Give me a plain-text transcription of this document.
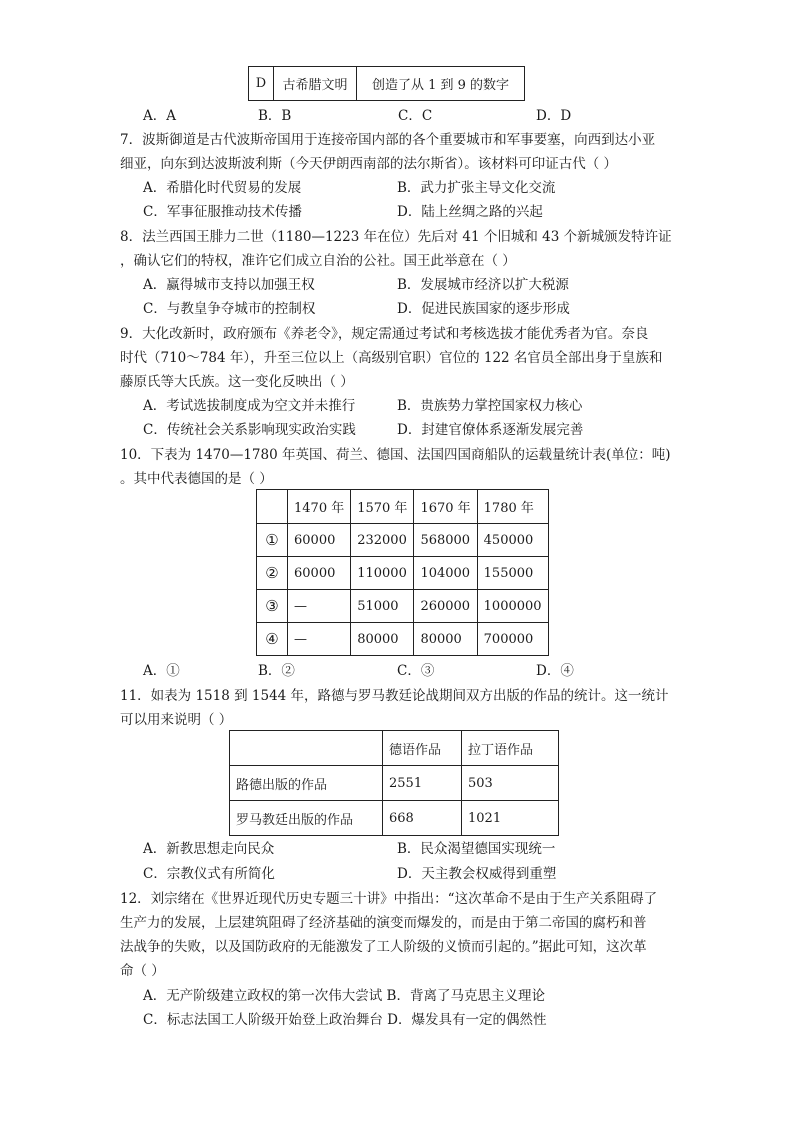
D	古希腊文明	创造了从 1 到 9 的数字
A．A	B．B	C．C	D．D
7．波斯御道是古代波斯帝国用于连接帝国内部的各个重要城市和军事要塞，向西到达小亚
细亚，向东到达波斯波利斯（今天伊朗西南部的法尔斯省）。该材料可印证古代（ ）
A．希腊化时代贸易的发展	B．武力扩张主导文化交流
C．军事征服推动技术传播	D．陆上丝绸之路的兴起
8．法兰西国王腓力二世（1180—1223 年在位）先后对 41 个旧城和 43 个新城颁发特许证
，确认它们的特权，准许它们成立自治的公社。国王此举意在（ ）
A．赢得城市支持以加强王权	B．发展城市经济以扩大税源
C．与教皇争夺城市的控制权	D．促进民族国家的逐步形成
9．大化改新时，政府颁布《养老令》，规定需通过考试和考核选拔才能优秀者为官。奈良
时代（710～784 年），升至三位以上（高级别官职）官位的 122 名官员全部出身于皇族和
藤原氏等大氏族。这一变化反映出（ ）
A．考试选拔制度成为空文并未推行	B．贵族势力掌控国家权力核心
C．传统社会关系影响现实政治实践	D．封建官僚体系逐渐发展完善
10．下表为 1470—1780 年英国、荷兰、德国、法国四国商船队的运载量统计表(单位：吨)
。其中代表德国的是（ ）
	1470 年	1570 年	1670 年	1780 年
①	60000	232000	568000	450000
②	60000	110000	104000	155000
③	—	51000	260000	1000000
④	—	80000	80000	700000
A．①	B．②	C．③	D．④
11．如表为 1518 到 1544 年，路德与罗马教廷论战期间双方出版的作品的统计。这一统计
可以用来说明（ ）
	德语作品	拉丁语作品
路德出版的作品	2551	503
罗马教廷出版的作品	668	1021
A．新教思想走向民众	B．民众渴望德国实现统一
C．宗教仪式有所简化	D．天主教会权威得到重塑
12．刘宗绪在《世界近现代历史专题三十讲》中指出：“这次革命不是由于生产关系阻碍了
生产力的发展，上层建筑阻碍了经济基础的演变而爆发的，而是由于第二帝国的腐朽和普
法战争的失败，以及国防政府的无能激发了工人阶级的义愤而引起的。”据此可知，这次革
命（ ）
A．无产阶级建立政权的第一次伟大尝试 B．背离了马克思主义理论
C．标志法国工人阶级开始登上政治舞台 D．爆发具有一定的偶然性
